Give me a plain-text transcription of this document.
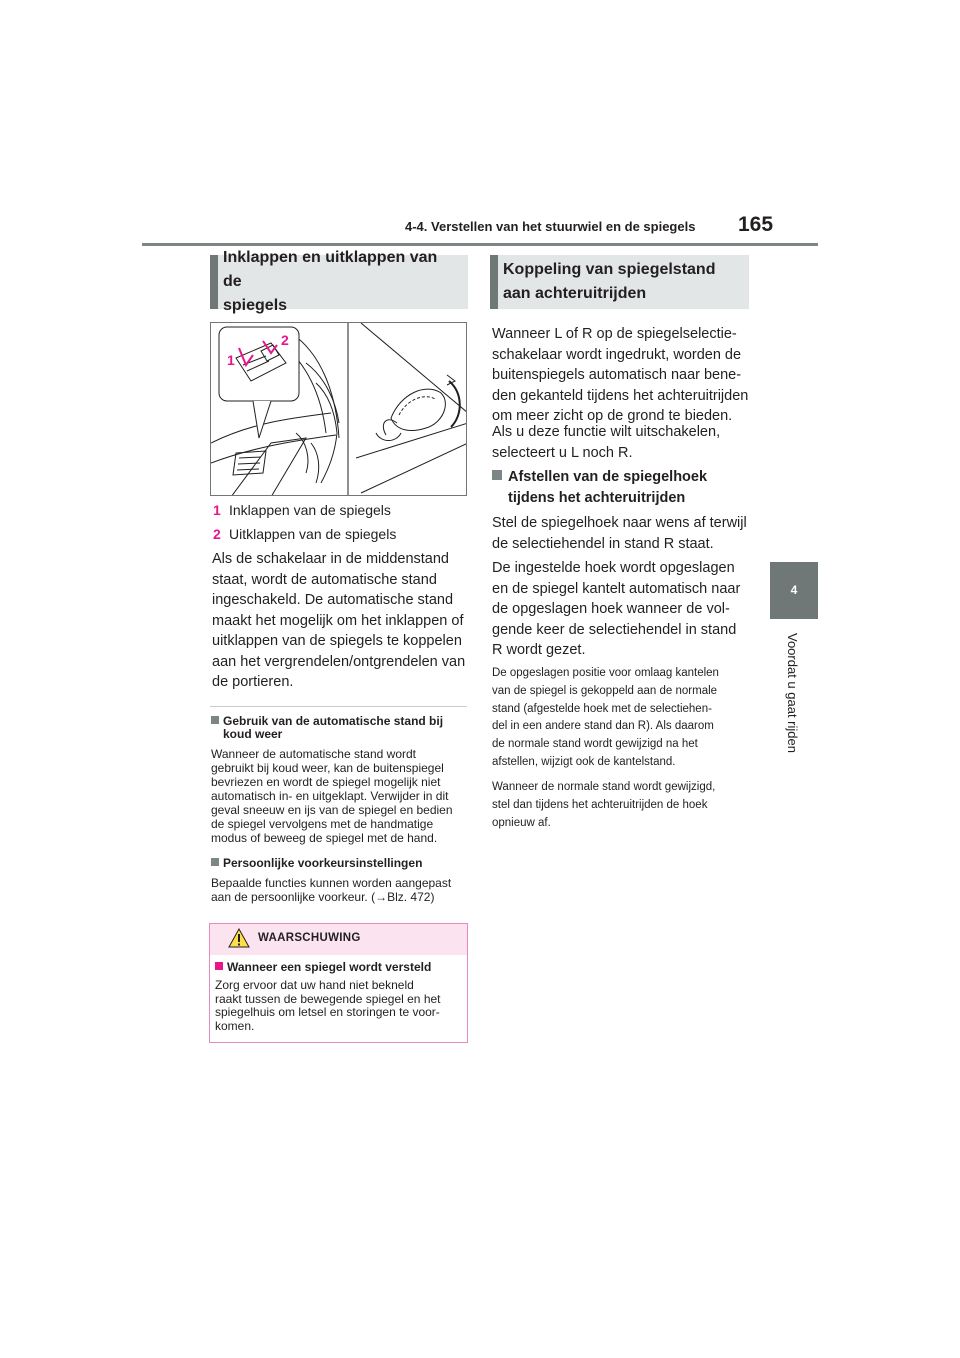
4-4. Verstellen van het stuurwiel en de spiegels 165
4
Voordat u gaat rijden
Inklappen en uitklappen van de
spiegels
1
2
1 Inklappen van de spiegels
2 Uitklappen van de spiegels
Als de schakelaar in de middenstand
staat, wordt de automatische stand
ingeschakeld. De automatische stand
maakt het mogelijk om het inklappen of
uitklappen van de spiegels te koppelen
aan het vergrendelen/ontgrendelen van
de portieren.
Gebruik van de automatische stand bij
koud weer
Wanneer de automatische stand wordt
gebruikt bij koud weer, kan de buitenspiegel
bevriezen en wordt de spiegel mogelijk niet
automatisch in- en uitgeklapt. Verwijder in dit
geval sneeuw en ijs van de spiegel en bedien
de spiegel vervolgens met de handmatige
modus of beweeg de spiegel met de hand.
Persoonlijke voorkeursinstellingen
Bepaalde functies kunnen worden aangepast
aan de persoonlijke voorkeur. (→Blz. 472)
WAARSCHUWING
Wanneer een spiegel wordt versteld
Zorg ervoor dat uw hand niet bekneld
raakt tussen de bewegende spiegel en het
spiegelhuis om letsel en storingen te voor-
komen.
Koppeling van spiegelstand
aan achteruitrijden
Wanneer L of R op de spiegelselectie-
schakelaar wordt ingedrukt, worden de
buitenspiegels automatisch naar bene-
den gekanteld tijdens het achteruitrijden
om meer zicht op de grond te bieden.
Als u deze functie wilt uitschakelen,
selecteert u L noch R.
Afstellen van de spiegelhoek
tijdens het achteruitrijden
Stel de spiegelhoek naar wens af terwijl
de selectiehendel in stand R staat.
De ingestelde hoek wordt opgeslagen
en de spiegel kantelt automatisch naar
de opgeslagen hoek wanneer de vol-
gende keer de selectiehendel in stand
R wordt gezet.
De opgeslagen positie voor omlaag kantelen
van de spiegel is gekoppeld aan de normale
stand (afgestelde hoek met de selectiehen-
del in een andere stand dan R). Als daarom
de normale stand wordt gewijzigd na het
afstellen, wijzigt ook de kantelstand.
Wanneer de normale stand wordt gewijzigd,
stel dan tijdens het achteruitrijden de hoek
opnieuw af.
